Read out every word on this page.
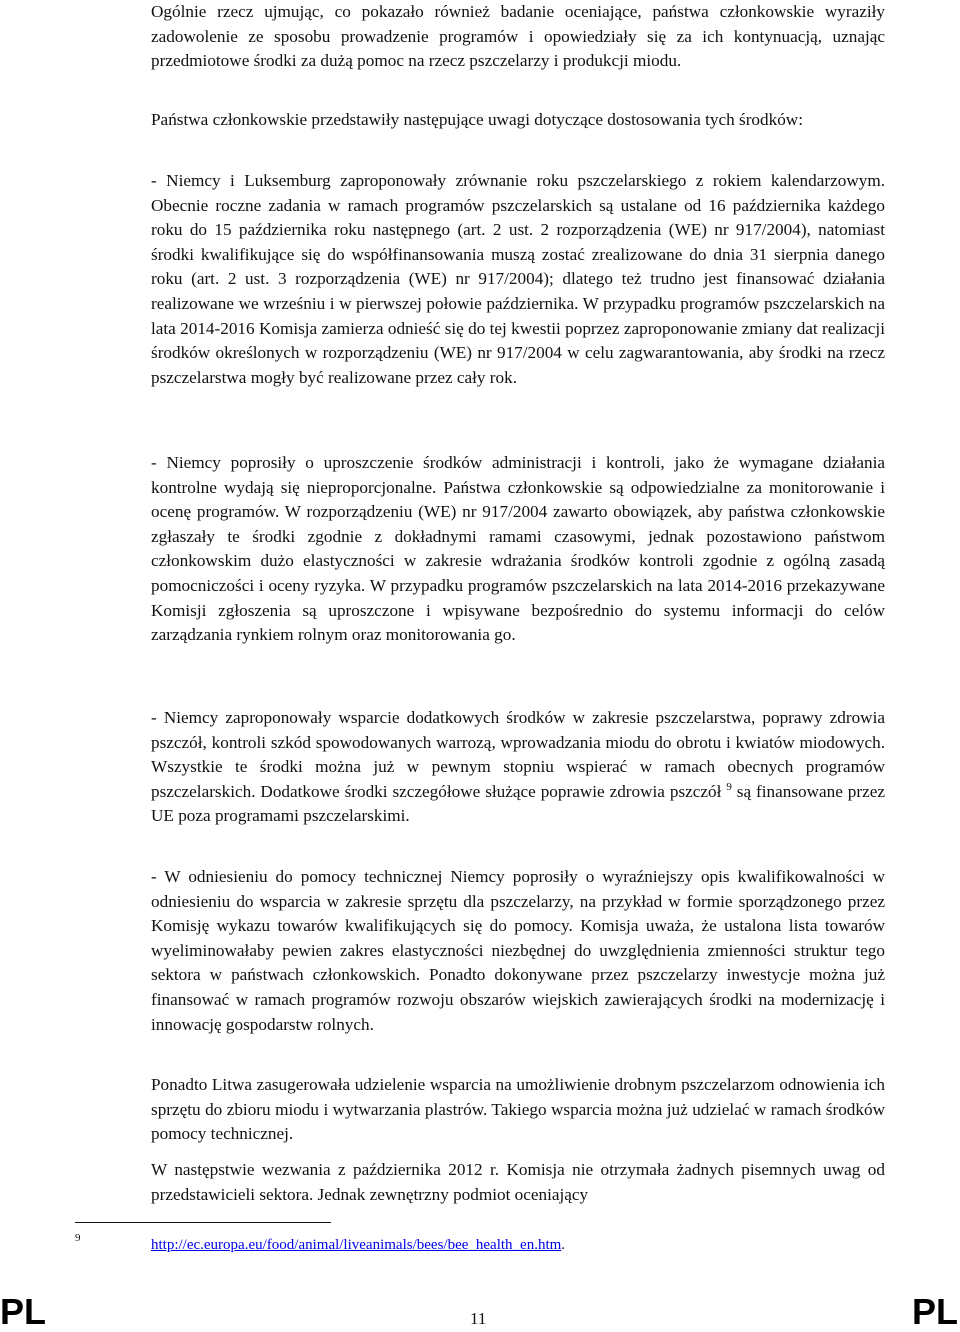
Ogólnie rzecz ujmując, co pokazało również badanie oceniające, państwa członkowskie wyraziły zadowolenie ze sposobu prowadzenie programów i opowiedziały się za ich kontynuacją, uznając przedmiotowe środki za dużą pomoc na rzecz pszczelarzy i produkcji miodu.

Państwa członkowskie przedstawiły następujące uwagi dotyczące dostosowania tych środków:

- Niemcy i Luksemburg zaproponowały zrównanie roku pszczelarskiego z rokiem kalendarzowym. Obecnie roczne zadania w ramach programów pszczelarskich są ustalane od 16 października każdego roku do 15 października roku następnego (art. 2 ust. 2 rozporządzenia (WE) nr 917/2004), natomiast środki kwalifikujące się do współfinansowania muszą zostać zrealizowane do dnia 31 sierpnia danego roku (art. 2 ust. 3 rozporządzenia (WE) nr 917/2004); dlatego też trudno jest finansować działania realizowane we wrześniu i w pierwszej połowie października. W przypadku programów pszczelarskich na lata 2014-2016 Komisja zamierza odnieść się do tej kwestii poprzez zaproponowanie zmiany dat realizacji środków określonych w rozporządzeniu (WE) nr 917/2004 w celu zagwarantowania, aby środki na rzecz pszczelarstwa mogły być realizowane przez cały rok.

- Niemcy poprosiły o uproszczenie środków administracji i kontroli, jako że wymagane działania kontrolne wydają się nieproporcjonalne. Państwa członkowskie są odpowiedzialne za monitorowanie i ocenę programów. W rozporządzeniu (WE) nr 917/2004 zawarto obowiązek, aby państwa członkowskie zgłaszały te środki zgodnie z dokładnymi ramami czasowymi, jednak pozostawiono państwom członkowskim dużo elastyczności w zakresie wdrażania środków kontroli zgodnie z ogólną zasadą pomocniczości i oceny ryzyka. W przypadku programów pszczelarskich na lata 2014-2016 przekazywane Komisji zgłoszenia są uproszczone i wpisywane bezpośrednio do systemu informacji do celów zarządzania rynkiem rolnym oraz monitorowania go.

- Niemcy zaproponowały wsparcie dodatkowych środków w zakresie pszczelarstwa, poprawy zdrowia pszczół, kontroli szkód spowodowanych warrozą, wprowadzania miodu do obrotu i kwiatów miodowych. Wszystkie te środki można już w pewnym stopniu wspierać w ramach obecnych programów pszczelarskich. Dodatkowe środki szczegółowe służące poprawie zdrowia pszczół $^9$ są finansowane przez UE poza programami pszczelarskimi.

- W odniesieniu do pomocy technicznej Niemcy poprosiły o wyraźniejszy opis kwalifikowalności w odniesieniu do wsparcia w zakresie sprzętu dla pszczelarzy, na przykład w formie sporządzonego przez Komisję wykazu towarów kwalifikujących się do pomocy. Komisja uważa, że ustalona lista towarów wyeliminowałaby pewien zakres elastyczności niezbędnej do uwzględnienia zmienności struktur tego sektora w państwach członkowskich. Ponadto dokonywane przez pszczelarzy inwestycje można już finansować w ramach programów rozwoju obszarów wiejskich zawierających środki na modernizację i innowację gospodarstw rolnych.

Ponadto Litwa zasugerowała udzielenie wsparcia na umożliwienie drobnym pszczelarzom odnowienia ich sprzętu do zbioru miodu i wytwarzania plastrów. Takiego wsparcia można już udzielać w ramach środków pomocy technicznej.

W następstwie wezwania z października 2012 r. Komisja nie otrzymała żadnych pisemnych uwag od przedstawicieli sektora. Jednak zewnętrzny podmiot oceniający

9	http://ec.europa.eu/food/animal/liveanimals/bees/bee_health_en.htm.
PL	11	PL
